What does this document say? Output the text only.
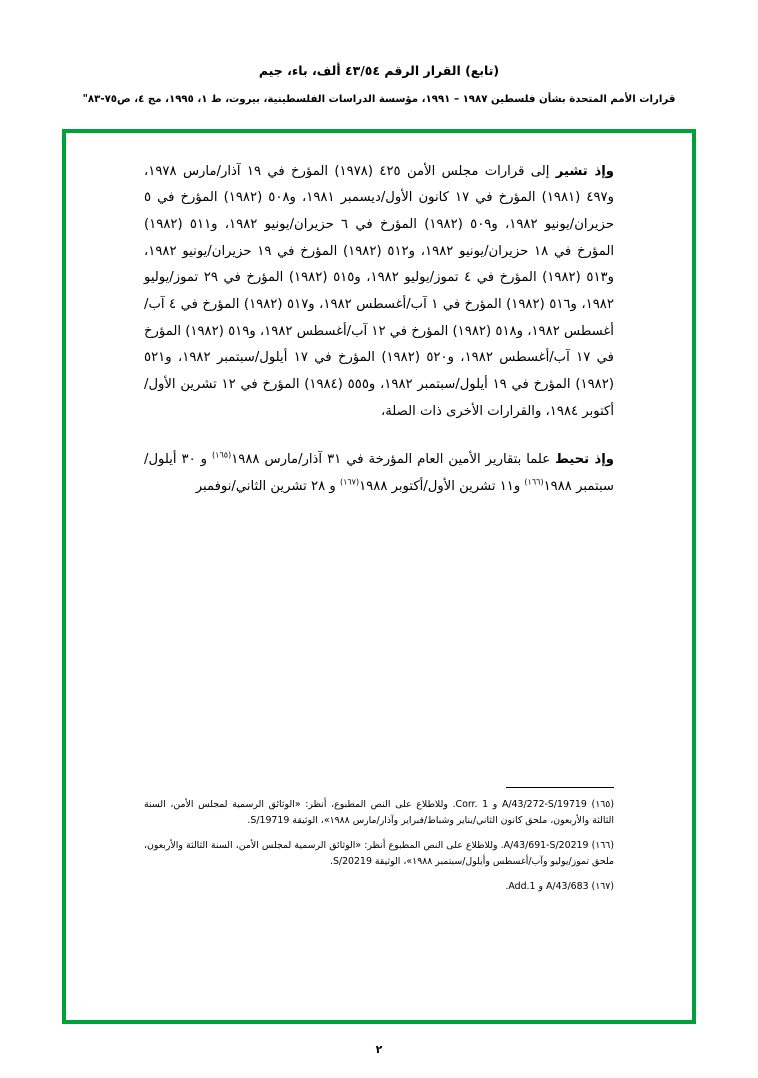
(تابع) القرار الرقم ٤٣/٥٤ ألف، باء، جيم
قرارات الأمم المتحدة بشأن فلسطين ١٩٨٧ – ١٩٩١، مؤسسة الدراسات الفلسطينية، بيروت، ط ١، ١٩٩٥، مج ٤، ص٧٥-٨٣"

وإذ تشير إلى قرارات مجلس الأمن ٤٢٥ (١٩٧٨) المؤرخ في ١٩ آذار/مارس ١٩٧٨، و٤٩٧ (١٩٨١) المؤرخ في ١٧ كانون الأول/ديسمبر ١٩٨١، و٥٠٨ (١٩٨٢) المؤرخ في ٥ حزيران/يونيو ١٩٨٢، و٥٠٩ (١٩٨٢) المؤرخ في ٦ حزيران/يونيو ١٩٨٢، و٥١١ (١٩٨٢) المؤرخ في ١٨ حزيران/يونيو ١٩٨٢، و٥١٢ (١٩٨٢) المؤرخ في ١٩ حزيران/يونيو ١٩٨٢، و٥١٣ (١٩٨٢) المؤرخ في ٤ تموز/يوليو ١٩٨٢، و٥١٥ (١٩٨٢) المؤرخ في ٢٩ تموز/يوليو ١٩٨٢، و٥١٦ (١٩٨٢) المؤرخ في ١ آب/أغسطس ١٩٨٢، و٥١٧ (١٩٨٢) المؤرخ في ٤ آب/أغسطس ١٩٨٢، و٥١٨ (١٩٨٢) المؤرخ في ١٢ آب/أغسطس ١٩٨٢، و٥١٩ (١٩٨٢) المؤرخ في ١٧ آب/أغسطس ١٩٨٢، و٥٢٠ (١٩٨٢) المؤرخ في ١٧ أيلول/سبتمبر ١٩٨٢، و٥٢١ (١٩٨٢) المؤرخ في ١٩ أيلول/سبتمبر ١٩٨٢، و٥٥٥ (١٩٨٤) المؤرخ في ١٢ تشرين الأول/أكتوبر ١٩٨٤، والقرارات الأخرى ذات الصلة،

وإذ تحيط علما بتقارير الأمين العام المؤرخة في ٣١ آذار/مارس ١٩٨٨$^{(١٦٥)}$ و ٣٠ أيلول/سبتمبر ١٩٨٨$^{(١٦٦)}$ و١١ تشرين الأول/أكتوبر ١٩٨٨$^{(١٦٧)}$ و ٢٨ تشرين الثاني/نوفمبر

(١٦٥) A/43/272-S/19719 و Corr. 1. وللاطلاع على النص المطبوع، أنظر: «الوثائق الرسمية لمجلس الأمن، السنة الثالثة والأربعون، ملحق كانون الثاني/يناير وشباط/فبراير وآذار/مارس ١٩٨٨»، الوثيقة S/19719.

(١٦٦) A/43/691-S/20219. وللاطلاع على النص المطبوع أنظر: «الوثائق الرسمية لمجلس الأمن، السنة الثالثة والأربعون، ملحق تموز/يوليو وآب/أغسطس وأيلول/سبتمبر ١٩٨٨»، الوثيقة S/20219.

(١٦٧) A/43/683 و Add.1.

٢
